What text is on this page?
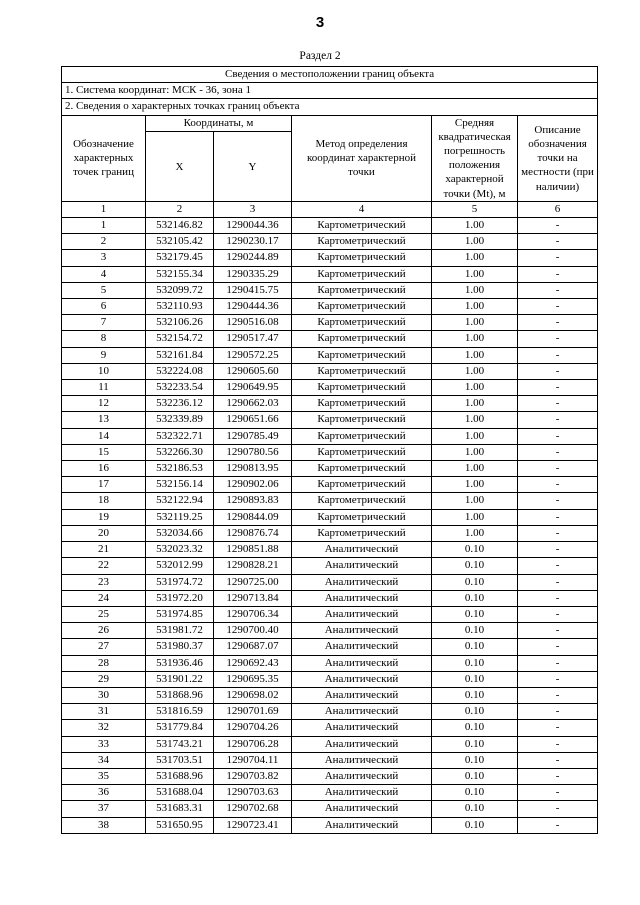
3
Раздел 2
Сведения о местоположении границ объекта					
1. Система координат: МСК - 36, зона 1					
2. Сведения о характерных точках границ объекта					
Обозначение характерных точек границ	Координаты, м		Метод определения координат характерной точки	Средняя квадратическая погрешность положения характерной точки (Mt), м	Описание обозначения точки на местности (при наличии)
	X	Y			
1	2	3	4	5	6
1	532146.82	1290044.36	Картометрический	1.00	-
2	532105.42	1290230.17	Картометрический	1.00	-
3	532179.45	1290244.89	Картометрический	1.00	-
4	532155.34	1290335.29	Картометрический	1.00	-
5	532099.72	1290415.75	Картометрический	1.00	-
6	532110.93	1290444.36	Картометрический	1.00	-
7	532106.26	1290516.08	Картометрический	1.00	-
8	532154.72	1290517.47	Картометрический	1.00	-
9	532161.84	1290572.25	Картометрический	1.00	-
10	532224.08	1290605.60	Картометрический	1.00	-
11	532233.54	1290649.95	Картометрический	1.00	-
12	532236.12	1290662.03	Картометрический	1.00	-
13	532339.89	1290651.66	Картометрический	1.00	-
14	532322.71	1290785.49	Картометрический	1.00	-
15	532266.30	1290780.56	Картометрический	1.00	-
16	532186.53	1290813.95	Картометрический	1.00	-
17	532156.14	1290902.06	Картометрический	1.00	-
18	532122.94	1290893.83	Картометрический	1.00	-
19	532119.25	1290844.09	Картометрический	1.00	-
20	532034.66	1290876.74	Картометрический	1.00	-
21	532023.32	1290851.88	Аналитический	0.10	-
22	532012.99	1290828.21	Аналитический	0.10	-
23	531974.72	1290725.00	Аналитический	0.10	-
24	531972.20	1290713.84	Аналитический	0.10	-
25	531974.85	1290706.34	Аналитический	0.10	-
26	531981.72	1290700.40	Аналитический	0.10	-
27	531980.37	1290687.07	Аналитический	0.10	-
28	531936.46	1290692.43	Аналитический	0.10	-
29	531901.22	1290695.35	Аналитический	0.10	-
30	531868.96	1290698.02	Аналитический	0.10	-
31	531816.59	1290701.69	Аналитический	0.10	-
32	531779.84	1290704.26	Аналитический	0.10	-
33	531743.21	1290706.28	Аналитический	0.10	-
34	531703.51	1290704.11	Аналитический	0.10	-
35	531688.96	1290703.82	Аналитический	0.10	-
36	531688.04	1290703.63	Аналитический	0.10	-
37	531683.31	1290702.68	Аналитический	0.10	-
38	531650.95	1290723.41	Аналитический	0.10	-
